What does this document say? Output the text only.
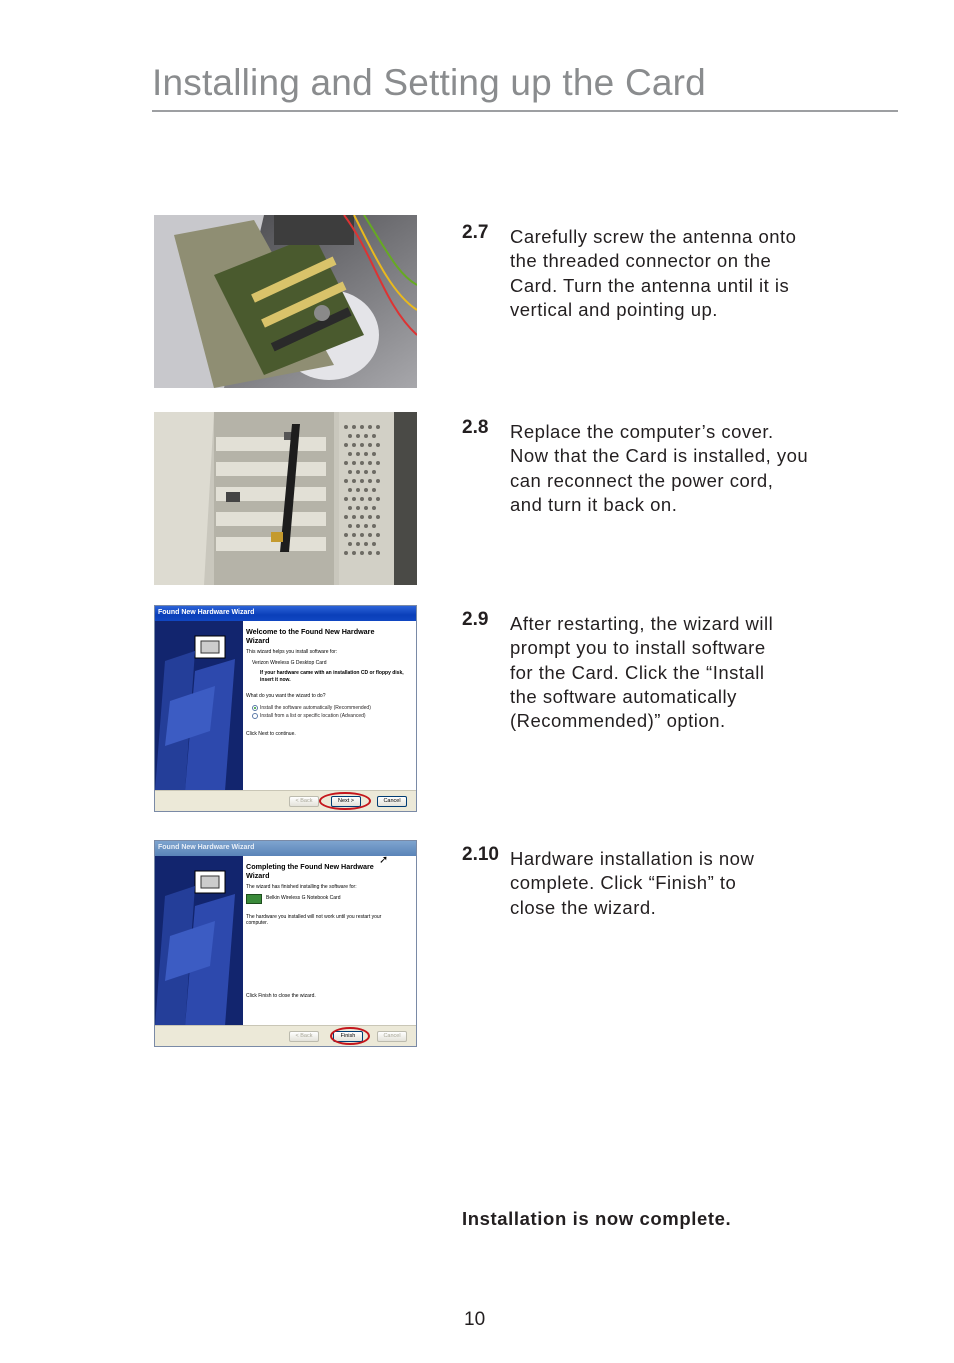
Installing and Setting up the Card
2.7 Carefully screw the antenna onto
the threaded connector on the
Card. Turn the antenna until it is
vertical and pointing up.
2.8 Replace the computer’s cover.
Now that the Card is installed, you
can reconnect the power cord,
and turn it back on.
Found New Hardware Wizard
Welcome to the Found New Hardware Wizard
This wizard helps you install software for:
Verizon Wireless G Desktop Card
If your hardware came with an installation CD or floppy disk, insert it now.
What do you want the wizard to do?
Install the software automatically (Recommended)
Install from a list or specific location (Advanced)
Click Next to continue.
< Back	Next >	Cancel
2.9 After restarting, the wizard will
prompt you to install software
for the Card. Click the “Install
the software automatically
(Recommended)” option.
Found New Hardware Wizard
Completing the Found New Hardware Wizard
The wizard has finished installing the software for:
Belkin Wireless G Notebook Card
The hardware you installed will not work until you restart your computer.
Click Finish to close the wizard.
➚
< Back	Finish	Cancel
2.10 Hardware installation is now
complete. Click “Finish” to
close the wizard.
Installation is now complete.
10
